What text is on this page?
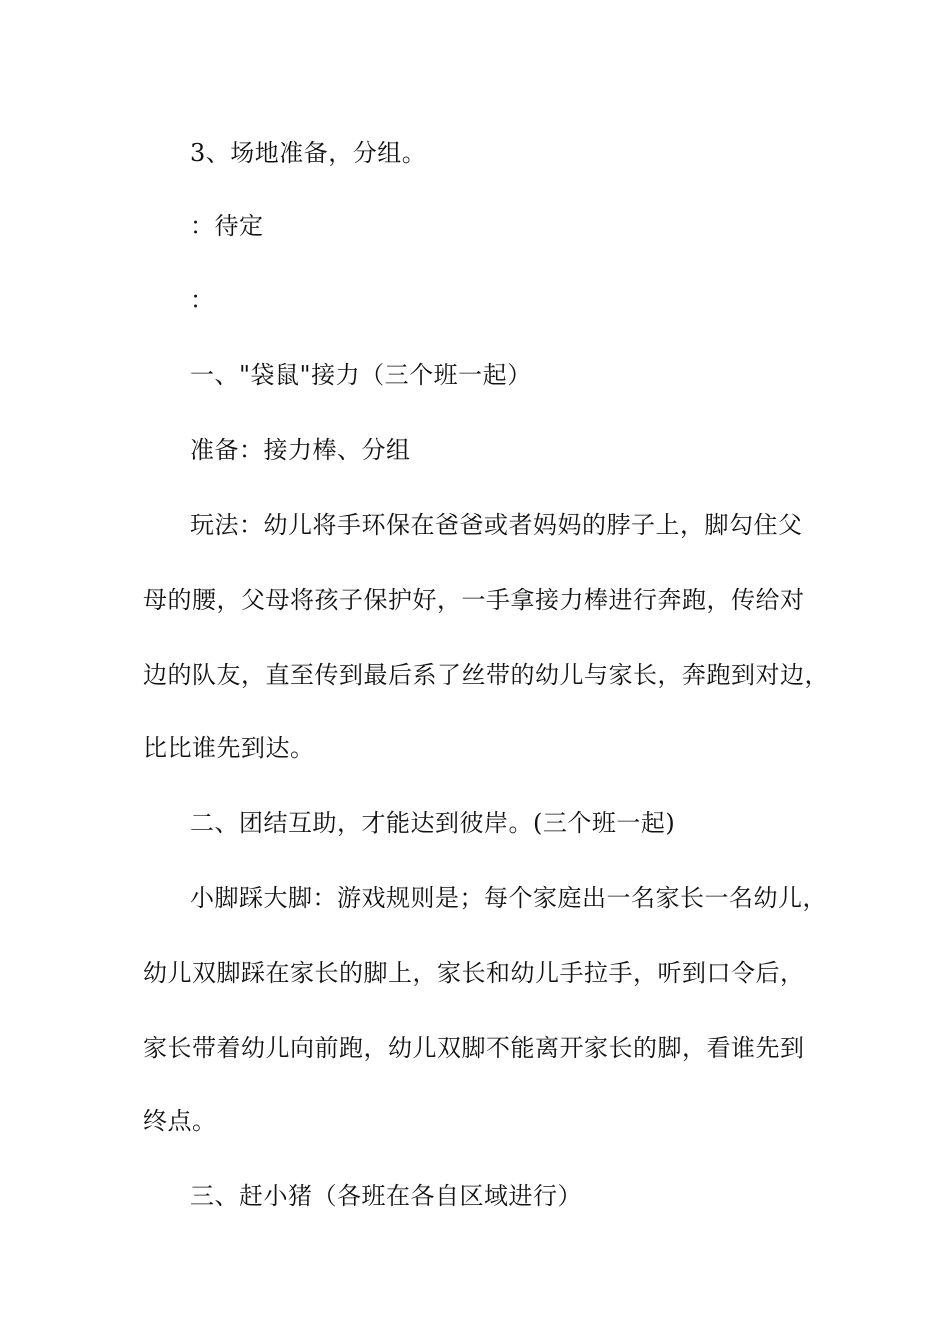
3、场地准备，分组。
：待定
：
一、"袋鼠"接力（三个班一起）
准备：接力棒、分组
玩法：幼儿将手环保在爸爸或者妈妈的脖子上，脚勾住父
母的腰，父母将孩子保护好，一手拿接力棒进行奔跑，传给对
边的队友，直至传到最后系了丝带的幼儿与家长，奔跑到对边，
比比谁先到达。
二、团结互助，才能达到彼岸。(三个班一起)
小脚踩大脚：游戏规则是；每个家庭出一名家长一名幼儿，
幼儿双脚踩在家长的脚上，家长和幼儿手拉手，听到口令后，
家长带着幼儿向前跑，幼儿双脚不能离开家长的脚，看谁先到
终点。
三、赶小猪（各班在各自区域进行）
